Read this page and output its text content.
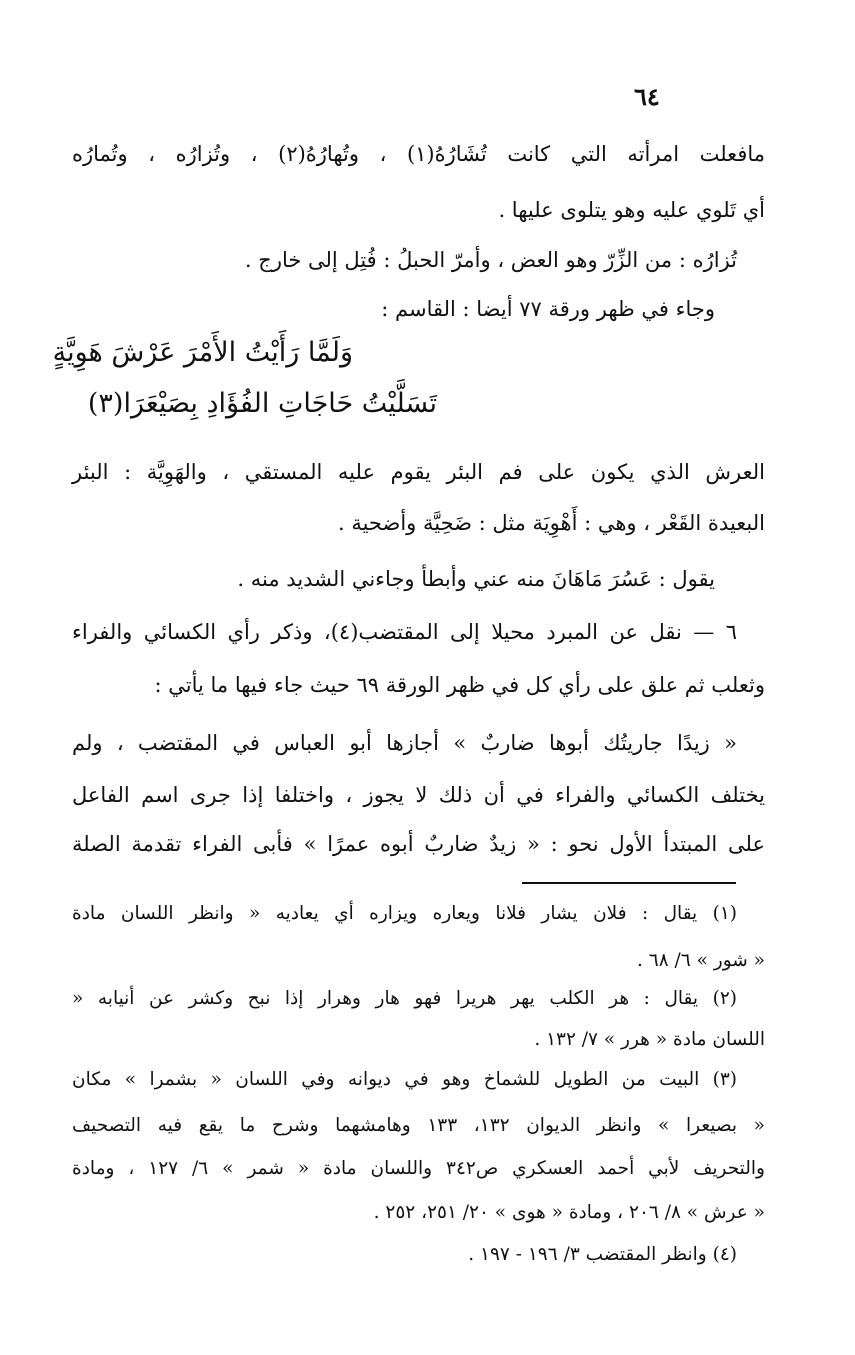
٦٤
مافعلت امرأته التي كانت تُشَارُهُ(١) ، وتُهارُهُ(٢) ، وتُزارُه ، وتُمارُه
أي تَلوي عليه وهو يتلوى عليها .
تُزارُه : من الزِّرّ وهو العض ، وأمرّ الحبلُ : فُتِل إلى خارج .
وجاء في ظهر ورقة ٧٧ أيضا : القاسم :
وَلَمَّا رَأَيْتُ الأَمْرَ عَرْشَ هَوِيَّةٍ
تَسَلَّيْتُ حَاجَاتِ الفُؤَادِ بِصَيْعَرَا(٣)
العرش الذي يكون على فم البئر يقوم عليه المستقي ، والهَوِيَّة : البئر
البعيدة القَعْر ، وهي : أَهْوِيَة مثل : ضَحِيَّة وأضحية .
يقول : عَسُرَ مَاهَانَ منه عني وأبطأ وجاءني الشديد منه .
٦ — نقل عن المبرد محيلا إلى المقتضب(٤)، وذكر رأي الكسائي والفراء
وثعلب ثم علق على رأي كل في ظهر الورقة ٦٩ حيث جاء فيها ما يأتي :
« زيدًا جاريتُك أبوها ضاربٌ » أجازها أبو العباس في المقتضب ، ولم
يختلف الكسائي والفراء في أن ذلك لا يجوز ، واختلفا إذا جرى اسم الفاعل
على المبتدأ الأول نحو : « زيدٌ ضاربٌ أبوه عمرًا » فأبى الفراء تقدمة الصلة
(١) يقال : فلان يشار فلانا ويعاره ويزاره أي يعاديه « وانظر اللسان مادة
« شور » ٦/ ٦٨ .
(٢) يقال : هر الكلب يهر هريرا فهو هار وهرار إذا نبح وكشر عن أنيابه «
اللسان مادة « هرر » ٧/ ١٣٢ .
(٣) البيت من الطويل للشماخ وهو في ديوانه وفي اللسان « بشمرا » مكان
« بصيعرا » وانظر الديوان ١٣٢، ١٣٣ وهامشهما وشرح ما يقع فيه التصحيف
والتحريف لأبي أحمد العسكري ص٣٤٢ واللسان مادة « شمر » ٦/ ١٢٧ ، ومادة
« عرش » ٨/ ٢٠٦ ، ومادة « هوى » ٢٠/ ٢٥١، ٢٥٢ .
(٤) وانظر المقتضب ٣/ ١٩٦ - ١٩٧ .
